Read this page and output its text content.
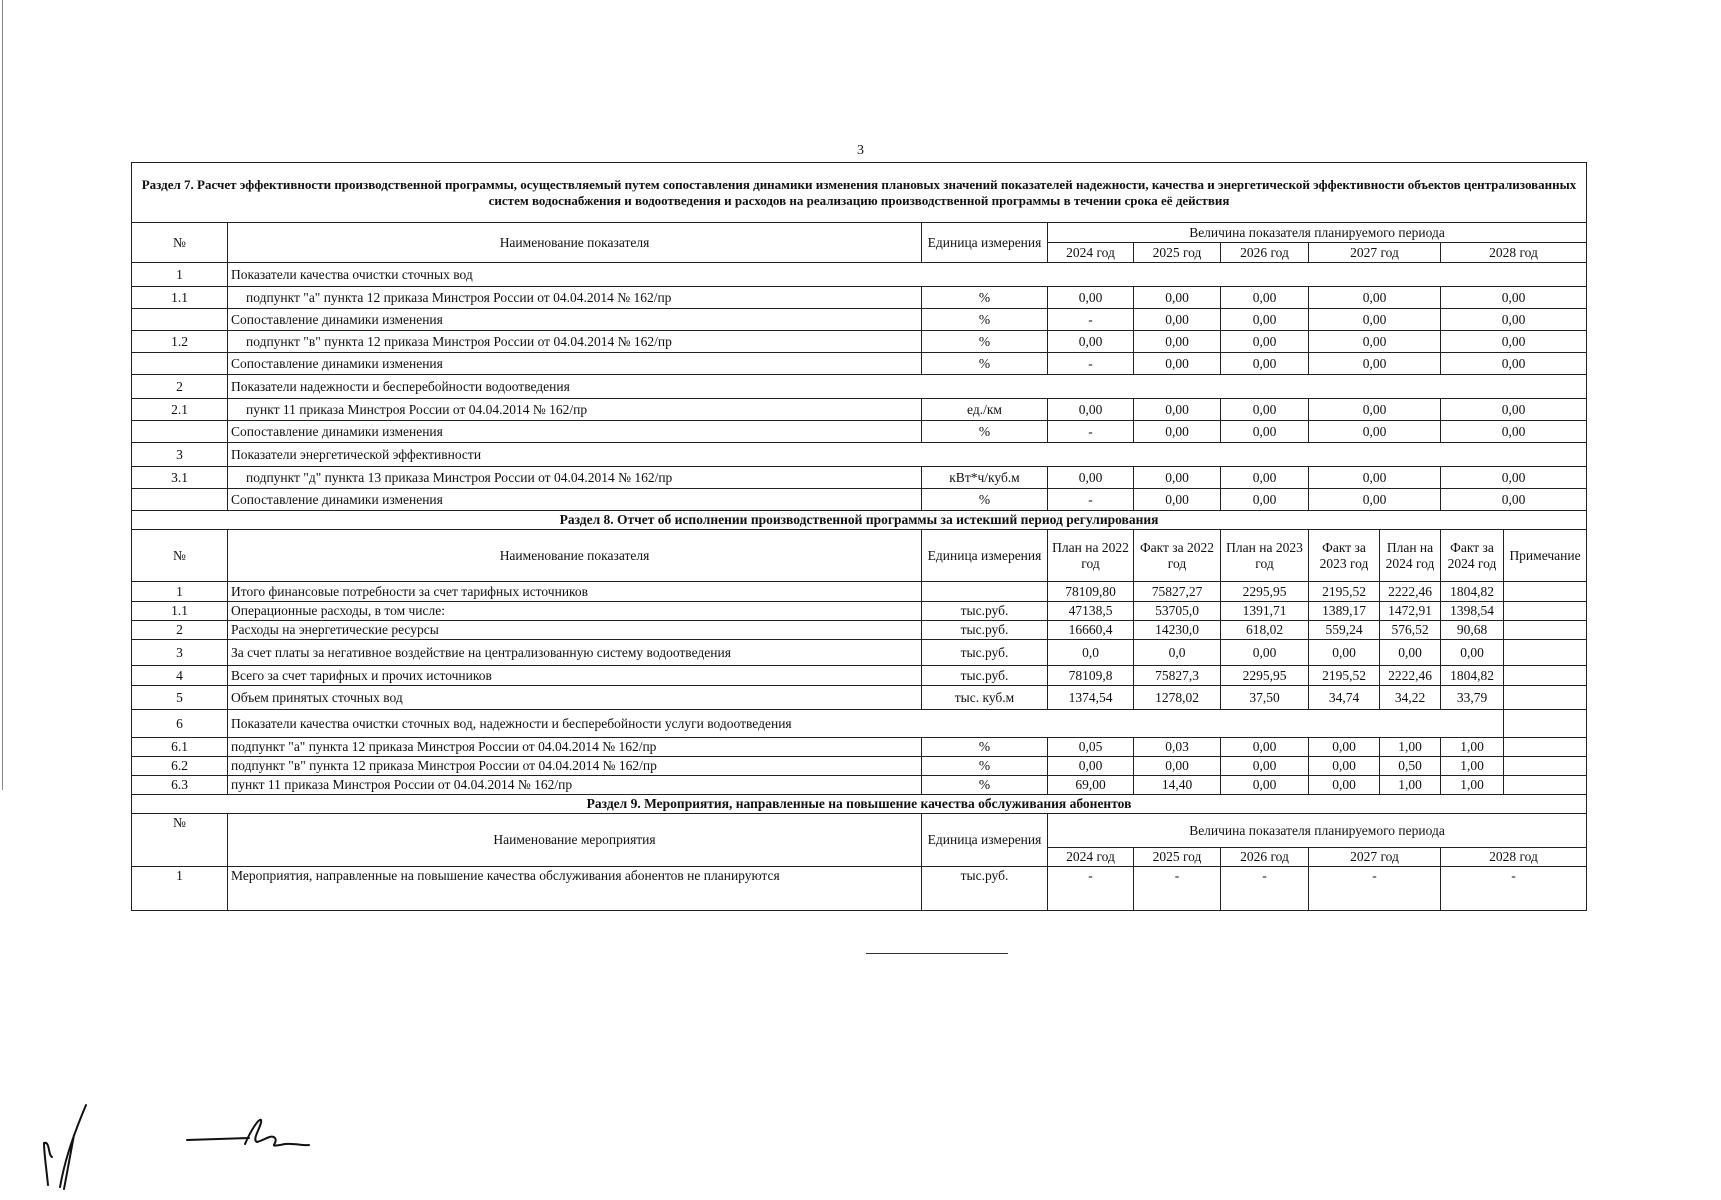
3
Раздел 7. Расчет эффективности производственной программы, осуществляемый путем сопоставления динамики изменения плановых значений показателей надежности, качества и энергетической эффективности объектов централизованных систем водоснабжения и водоотведения и расходов на реализацию производственной программы в течении срока её действия									
№	Наименование показателя	Единица измерения	Величина показателя планируемого периода						
			2024 год	2025 год	2026 год	2027 год		2028 год	
1	Показатели качества очистки сточных вод								
1.1	подпункт "а" пункта 12 приказа Минстроя России от 04.04.2014 № 162/пр	%	0,00	0,00	0,00	0,00		0,00	
	Сопоставление динамики изменения	%	-	0,00	0,00	0,00		0,00	
1.2	подпункт "в" пункта 12 приказа Минстроя России от 04.04.2014 № 162/пр	%	0,00	0,00	0,00	0,00		0,00	
	Сопоставление динамики изменения	%	-	0,00	0,00	0,00		0,00	
2	Показатели надежности и бесперебойности водоотведения								
2.1	пункт 11 приказа Минстроя России от 04.04.2014 № 162/пр	ед./км	0,00	0,00	0,00	0,00		0,00	
	Сопоставление динамики изменения	%	-	0,00	0,00	0,00		0,00	
3	Показатели энергетической эффективности								
3.1	подпункт "д" пункта 13 приказа Минстроя России от 04.04.2014 № 162/пр	кВт*ч/куб.м	0,00	0,00	0,00	0,00		0,00	
	Сопоставление динамики изменения	%	-	0,00	0,00	0,00		0,00	
Раздел 8. Отчет об исполнении производственной программы за истекший период регулирования									
№	Наименование показателя	Единица измерения	План на 2022 год	Факт за 2022 год	План на 2023 год	Факт за 2023 год	План на 2024 год	Факт за 2024 год	Примечание
1	Итого финансовые потребности за счет тарифных источников		78109,80	75827,27	2295,95	2195,52	2222,46	1804,82	
1.1	Операционные расходы, в том числе:	тыс.руб.	47138,5	53705,0	1391,71	1389,17	1472,91	1398,54	
2	Расходы на энергетические ресурсы	тыс.руб.	16660,4	14230,0	618,02	559,24	576,52	90,68	
3	За счет платы за негативное воздействие на централизованную систему водоотведения	тыс.руб.	0,0	0,0	0,00	0,00	0,00	0,00	
4	Всего за счет тарифных и прочих источников	тыс.руб.	78109,8	75827,3	2295,95	2195,52	2222,46	1804,82	
5	Объем принятых сточных вод	тыс. куб.м	1374,54	1278,02	37,50	34,74	34,22	33,79	
6	Показатели качества очистки сточных вод, надежности и бесперебойности услуги водоотведения								
6.1	подпункт "а" пункта 12 приказа Минстроя России от 04.04.2014 № 162/пр	%	0,05	0,03	0,00	0,00	1,00	1,00	
6.2	подпункт "в" пункта 12 приказа Минстроя России от 04.04.2014 № 162/пр	%	0,00	0,00	0,00	0,00	0,50	1,00	
6.3	пункт 11 приказа Минстроя России от 04.04.2014 № 162/пр	%	69,00	14,40	0,00	0,00	1,00	1,00	
Раздел 9. Мероприятия, направленные на повышение качества обслуживания абонентов									
№	Наименование мероприятия	Единица измерения	Величина показателя планируемого периода						
			2024 год	2025 год	2026 год	2027 год		2028 год	
1	Мероприятия, направленные на повышение качества обслуживания абонентов не планируются	тыс.руб.	-	-	-	-		-	
